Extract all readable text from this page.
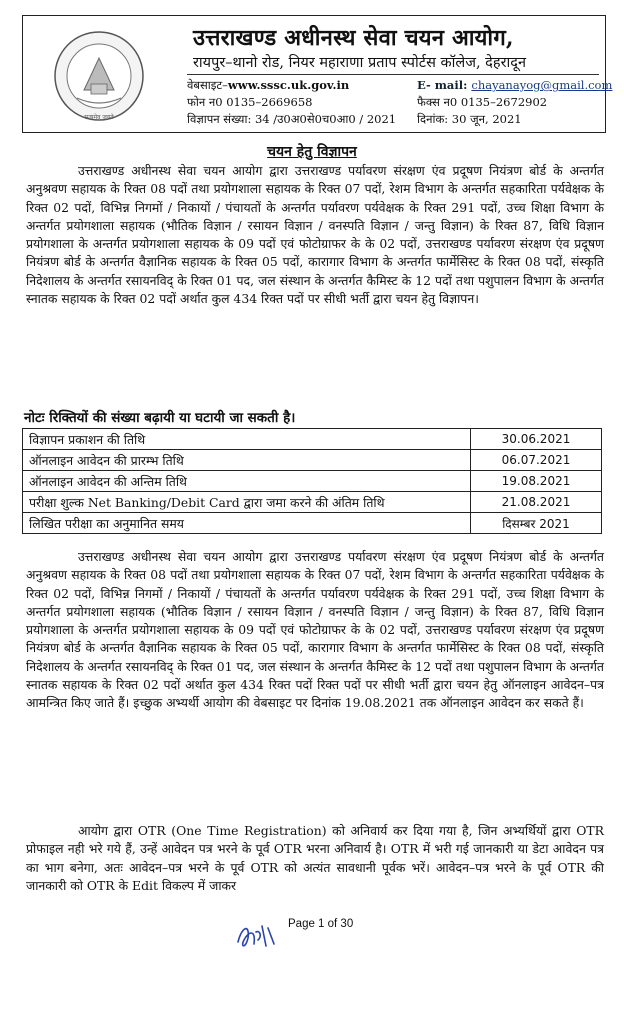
सत्यमेव जयते
उत्तराखण्ड अधीनस्थ सेवा चयन आयोग,
रायपुर–थानो रोड, नियर महाराणा प्रताप स्पोर्टस कॉलेज, देहरादून
वेबसाइट–www.sssc.uk.gov.in	E- mail: chayanayog@gmail.com
फोन न0 0135–2669658	फैक्स न0 0135–2672902
विज्ञापन संख्या: 34 /उ0अ0से0च0आ0 / 2021 दिनांक: 30 जून, 2021
चयन हेतु विज्ञापन

उत्तराखण्ड अधीनस्थ सेवा चयन आयोग द्वारा उत्तराखण्ड पर्यावरण संरक्षण एंव प्रदूषण नियंत्रण बोर्ड के अन्तर्गत अनुश्रवण सहायक के रिक्त 08 पदों तथा प्रयोगशाला सहायक के रिक्त 07 पदों, रेशम विभाग के अन्तर्गत सहकारिता पर्यवेक्षक के रिक्त 02 पदों, विभिन्न निगमों / निकायों / पंचायतों के अन्तर्गत पर्यावरण पर्यवेक्षक के रिक्त 291 पदों, उच्च शिक्षा विभाग के अन्तर्गत प्रयोगशाला सहायक (भौतिक विज्ञान / रसायन विज्ञान / वनस्पति विज्ञान / जन्तु विज्ञान) के रिक्त 87, विधि विज्ञान प्रयोगशाला के अन्तर्गत प्रयोगशाला सहायक के 09 पदों एवं फोटोग्राफर के के 02 पदों, उत्तराखण्ड पर्यावरण संरक्षण एंव प्रदूषण नियंत्रण बोर्ड के अन्तर्गत वैज्ञानिक सहायक के रिक्त 05 पदों, कारागार विभाग के अन्तर्गत फार्मेसिस्ट के रिक्त 08 पदों, संस्कृति निदेशालय के अन्तर्गत रसायनविद् के रिक्त 01 पद, जल संस्थान के अन्तर्गत कैमिस्ट के 12 पदों तथा पशुपालन विभाग के अन्तर्गत स्नातक सहायक के रिक्त 02 पदों अर्थात कुल 434 रिक्त पदों पर सीधी भर्ती द्वारा चयन हेतु विज्ञापन।

नोटः रिक्तियों की संख्या बढ़ायी या घटायी जा सकती है।
विज्ञापन प्रकाशन की तिथि	30.06.2021
ऑनलाइन आवेदन की प्रारम्भ तिथि	06.07.2021
ऑनलाइन आवेदन की अन्तिम तिथि	19.08.2021
परीक्षा शुल्क Net Banking/Debit Card द्वारा जमा करने की अंतिम तिथि	21.08.2021
लिखित परीक्षा का अनुमानित समय	दिसम्बर 2021

उत्तराखण्ड अधीनस्थ सेवा चयन आयोग द्वारा उत्तराखण्ड पर्यावरण संरक्षण एंव प्रदूषण नियंत्रण बोर्ड के अन्तर्गत अनुश्रवण सहायक के रिक्त 08 पदों तथा प्रयोगशाला सहायक के रिक्त 07 पदों, रेशम विभाग के अन्तर्गत सहकारिता पर्यवेक्षक के रिक्त 02 पदों, विभिन्न निगमों / निकायों / पंचायतों के अन्तर्गत पर्यावरण पर्यवेक्षक के रिक्त 291 पदों, उच्च शिक्षा विभाग के अन्तर्गत प्रयोगशाला सहायक (भौतिक विज्ञान / रसायन विज्ञान / वनस्पति विज्ञान / जन्तु विज्ञान) के रिक्त 87, विधि विज्ञान प्रयोगशाला के अन्तर्गत प्रयोगशाला सहायक के 09 पदों एवं फोटोग्राफर के के 02 पदों, उत्तराखण्ड पर्यावरण संरक्षण एंव प्रदूषण नियंत्रण बोर्ड के अन्तर्गत वैज्ञानिक सहायक के रिक्त 05 पदों, कारागार विभाग के अन्तर्गत फार्मेसिस्ट के रिक्त 08 पदों, संस्कृति निदेशालय के अन्तर्गत रसायनविद् के रिक्त 01 पद, जल संस्थान के अन्तर्गत कैमिस्ट के 12 पदों तथा पशुपालन विभाग के अन्तर्गत स्नातक सहायक के रिक्त 02 पदों अर्थात कुल 434 रिक्त पदों रिक्त पदों पर सीधी भर्ती द्वारा चयन हेतु ऑनलाइन आवेदन–पत्र आमन्त्रित किए जाते हैं। इच्छुक अभ्यर्थी आयोग की वेबसाइट पर दिनांक 19.08.2021 तक ऑनलाइन आवेदन कर सकते हैं।

आयोग द्वारा OTR (One Time Registration) को अनिवार्य कर दिया गया है, जिन अभ्यर्थियों द्वारा OTR प्रोफाइल नही भरे गये हैं, उन्हें आवेदन पत्र भरने के पूर्व OTR भरना अनिवार्य है। OTR में भरी गई जानकारी या डेटा आवेदन पत्र का भाग बनेगा, अतः आवेदन–पत्र भरने के पूर्व OTR को अत्यंत सावधानी पूर्वक भरें। आवेदन–पत्र भरने के पूर्व OTR की जानकारी को OTR के Edit विकल्प में जाकर

Page 1 of 30
